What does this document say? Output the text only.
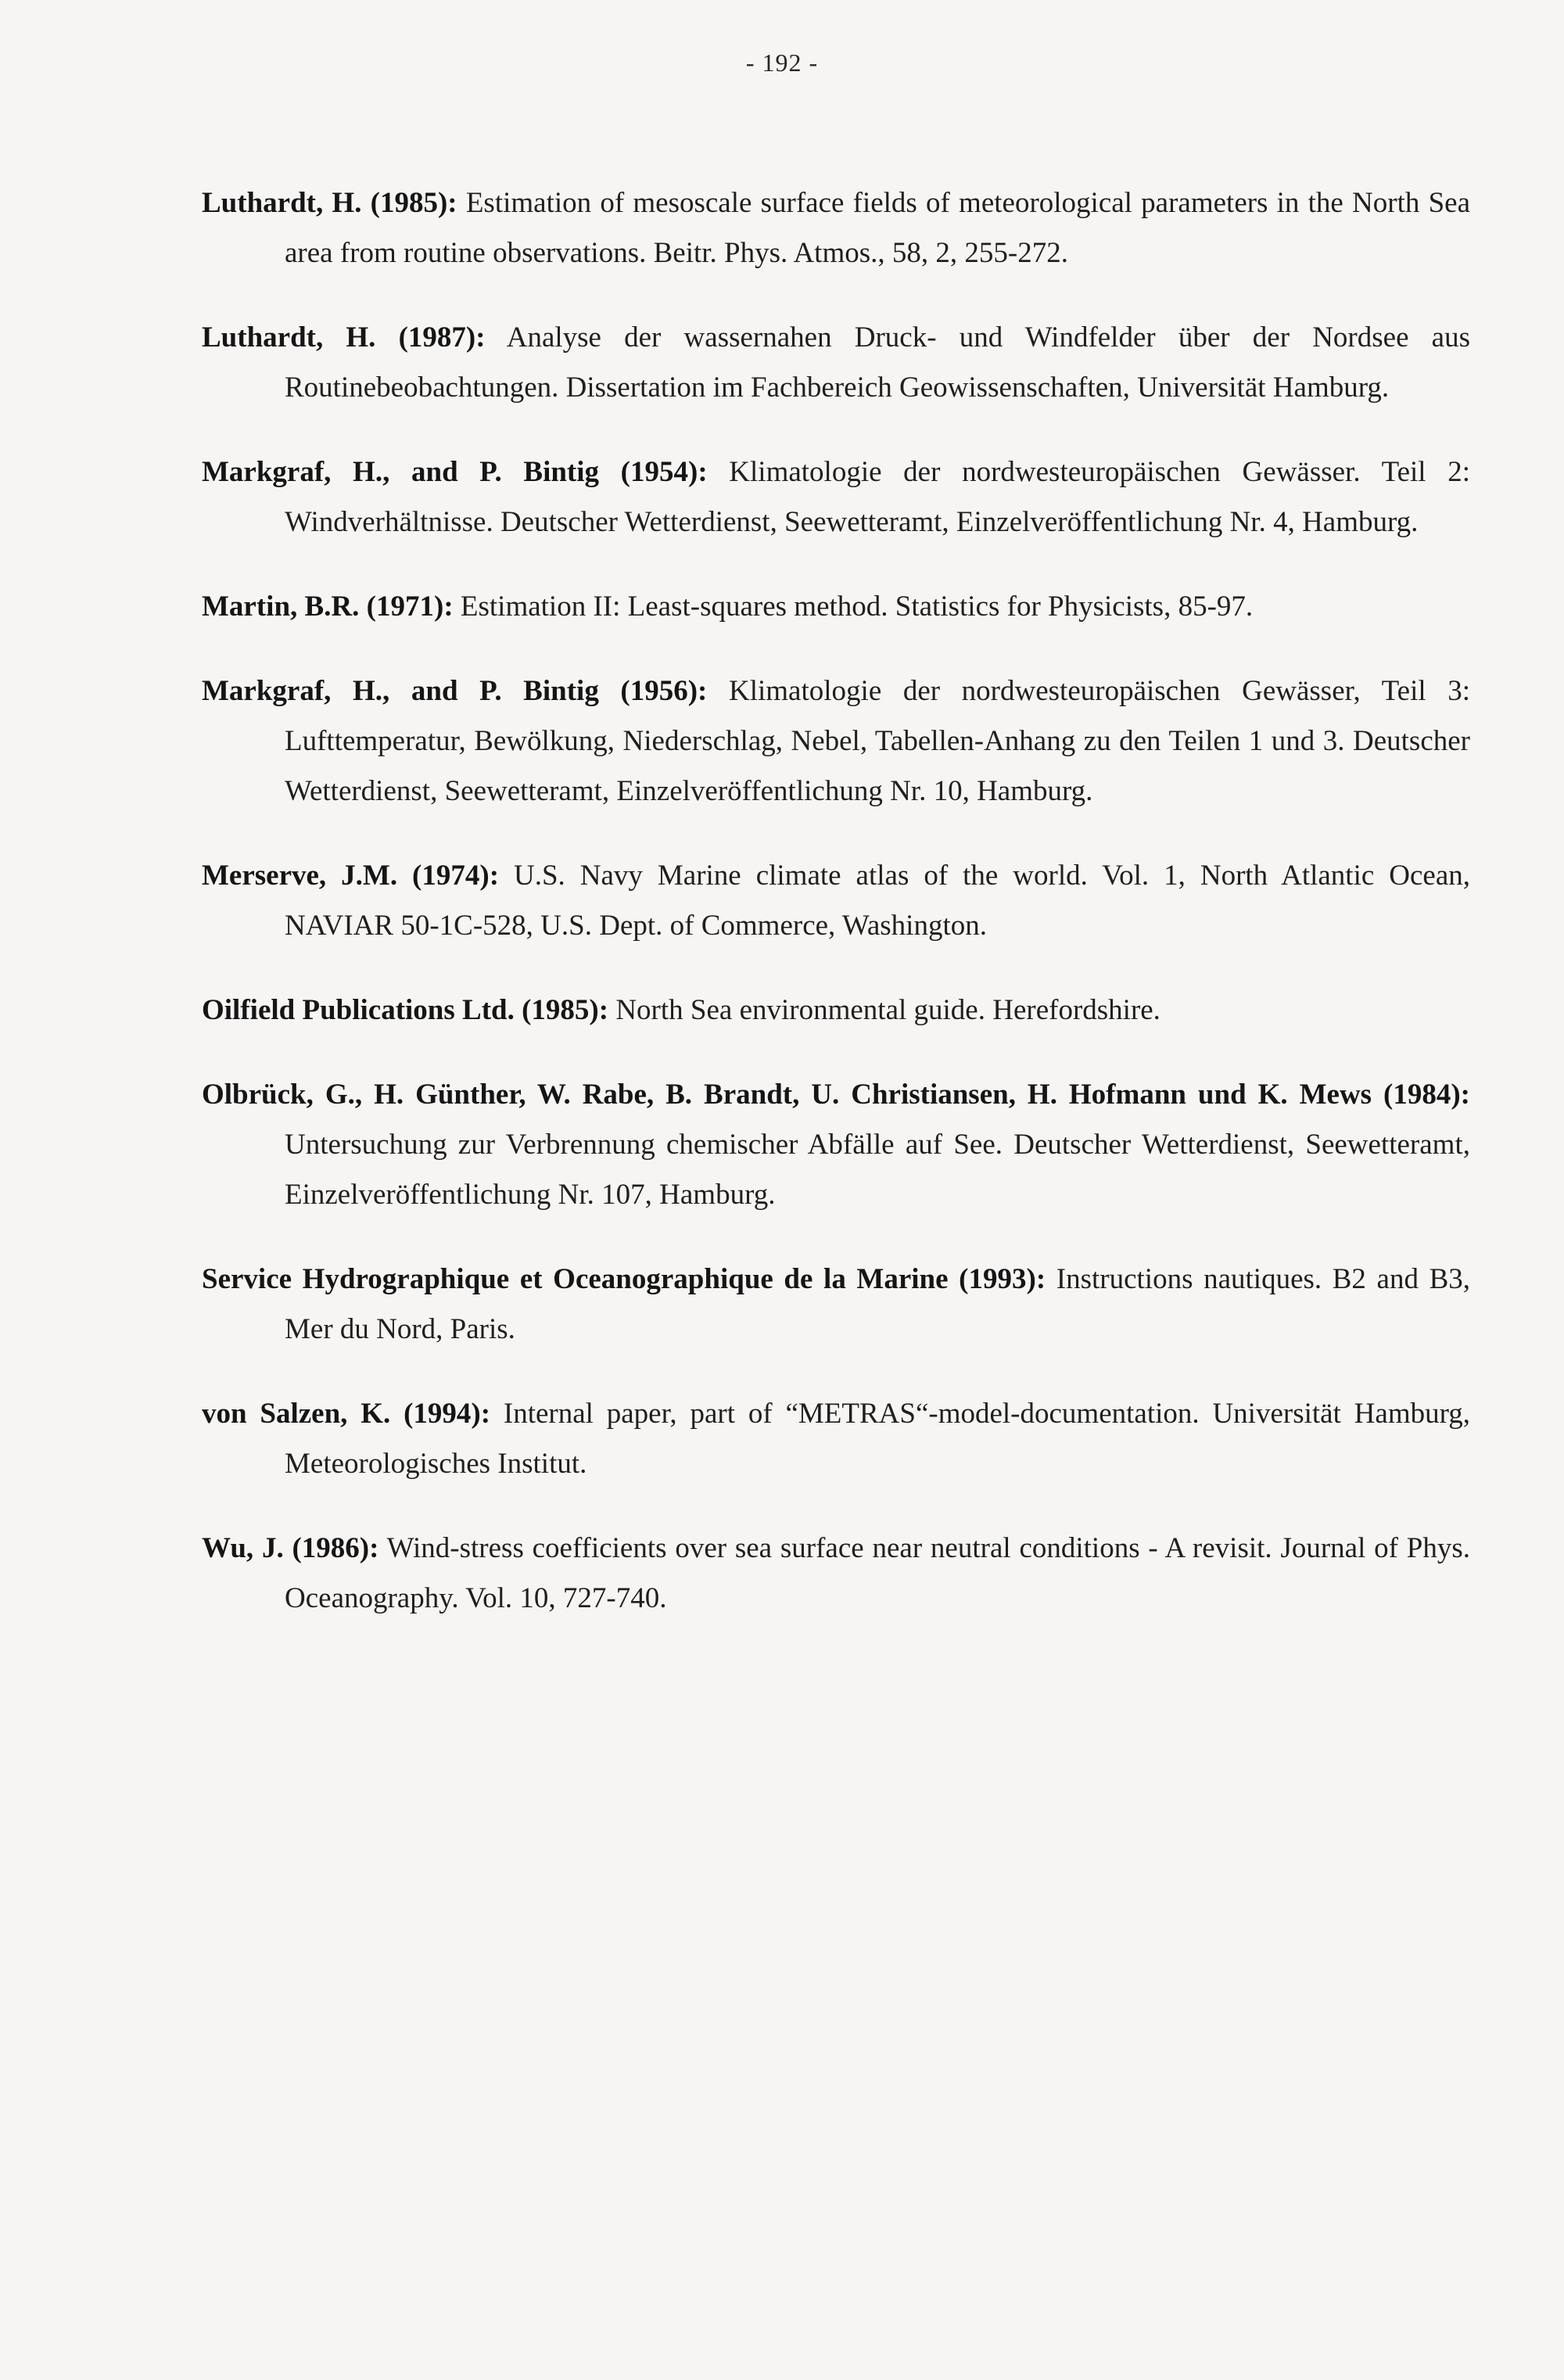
- 192 -

Luthardt, H. (1985): Estimation of mesoscale surface fields of meteorological parameters in the North Sea area from routine observations. Beitr. Phys. Atmos., 58, 2, 255-272.

Luthardt, H. (1987): Analyse der wassernahen Druck- und Windfelder über der Nordsee aus Routinebeobachtungen. Dissertation im Fachbereich Geowissenschaften, Universität Hamburg.

Markgraf, H., and P. Bintig (1954): Klimatologie der nordwesteuropäischen Gewässer. Teil 2: Windverhältnisse. Deutscher Wetterdienst, Seewetteramt, Einzelveröffentlichung Nr. 4, Hamburg.

Martin, B.R. (1971): Estimation II: Least-squares method. Statistics for Physicists, 85-97.

Markgraf, H., and P. Bintig (1956): Klimatologie der nordwesteuropäischen Gewässer, Teil 3: Lufttemperatur, Bewölkung, Niederschlag, Nebel, Tabellen-Anhang zu den Teilen 1 und 3. Deutscher Wetterdienst, Seewetteramt, Einzelveröffentlichung Nr. 10, Hamburg.

Merserve, J.M. (1974): U.S. Navy Marine climate atlas of the world. Vol. 1, North Atlantic Ocean, NAVIAR 50-1C-528, U.S. Dept. of Commerce, Washington.

Oilfield Publications Ltd. (1985): North Sea environmental guide. Herefordshire.

Olbrück, G., H. Günther, W. Rabe, B. Brandt, U. Christiansen, H. Hofmann und K. Mews (1984): Untersuchung zur Verbrennung chemischer Abfälle auf See. Deutscher Wetterdienst, Seewetteramt, Einzelveröffentlichung Nr. 107, Hamburg.

Service Hydrographique et Oceanographique de la Marine (1993): Instructions nautiques. B2 and B3, Mer du Nord, Paris.

von Salzen, K. (1994): Internal paper, part of “METRAS“-model-documentation. Universität Hamburg, Meteorologisches Institut.

Wu, J. (1986): Wind-stress coefficients over sea surface near neutral conditions - A revisit. Journal of Phys. Oceanography. Vol. 10, 727-740.
